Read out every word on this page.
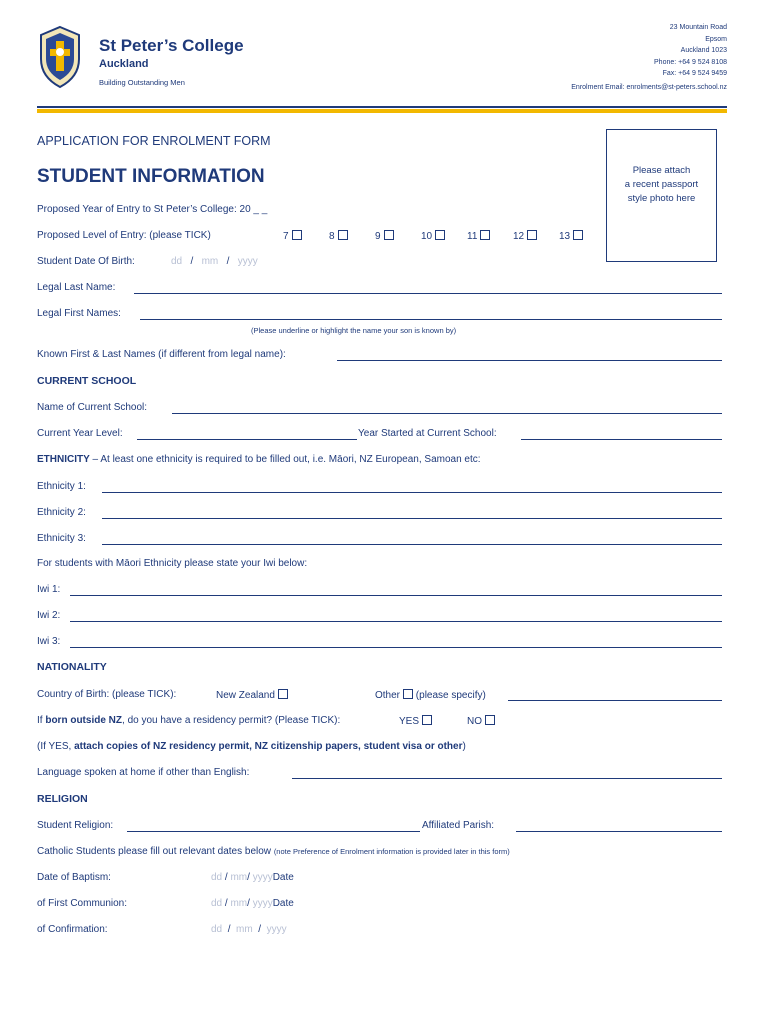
St Peter’s College
Auckland
Building Outstanding Men
23 Mountain Road
Epsom
Auckland 1023
Phone: +64 9 524 8108
Fax: +64 9 524 9459
Enrolment Email: enrolments@st-peters.school.nz
APPLICATION FOR ENROLMENT FORM
STUDENT INFORMATION	Please attach
a recent passport
style photo here
Proposed Year of Entry to St Peter’s College: 20 _ _
Proposed Level of Entry: (please TICK)	7	8	9	10	11	12	13
Student Date Of Birth:	dd / mm / yyyy
Legal Last Name:
Legal First Names:
(Please underline or highlight the name your son is known by)
Known First & Last Names (if different from legal name):
CURRENT SCHOOL
Name of Current School:
Current Year Level:	Year Started at Current School:
ETHNICITY – At least one ethnicity is required to be filled out, i.e. Māori, NZ European, Samoan etc:
Ethnicity 1:
Ethnicity 2:
Ethnicity 3:
For students with Māori Ethnicity please state your Iwi below:
Iwi 1:
Iwi 2:
Iwi 3:
NATIONALITY
Country of Birth: (please TICK):	New Zealand	Other (please specify)
If born outside NZ, do you have a residency permit? (Please TICK):	YES	NO
(If YES, attach copies of NZ residency permit, NZ citizenship papers, student visa or other)
Language spoken at home if other than English:
RELIGION
Student Religion:	Affiliated Parish:
Catholic Students please fill out relevant dates below (note Preference of Enrolment information is provided later in this form)
Date of Baptism:	dd / mm/ yyyyDate
of First Communion:	dd / mm/ yyyyDate
of Confirmation:	dd / mm / yyyy
